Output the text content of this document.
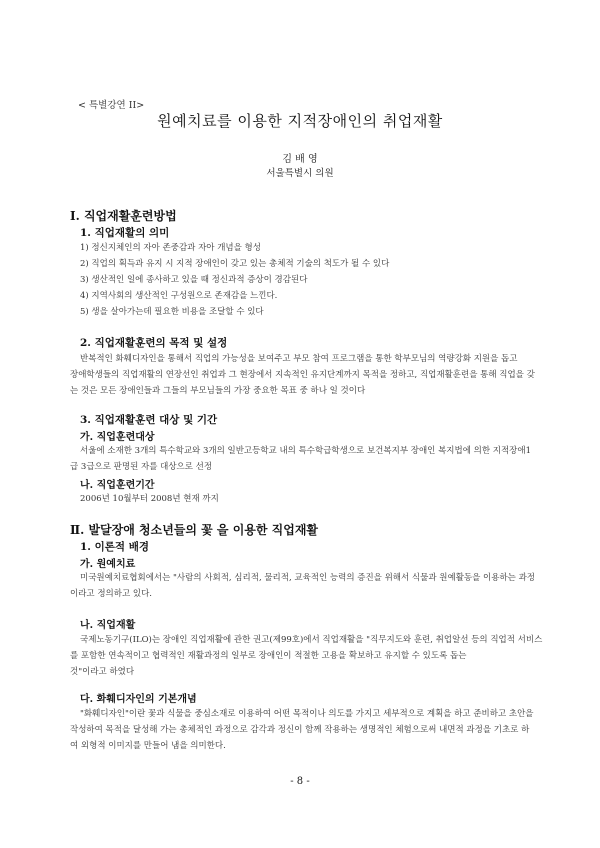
< 특별강연 II>
원예치료를 이용한 지적장애인의 취업재활
김 배 영
서울특별시 의원
Ⅰ. 직업재활훈련방법
1. 직업재활의 의미
1) 정신지체인의 자아 존중감과 자아 개념을 형성
2) 직업의 획득과 유지 시 지적 장애인이 갖고 있는 총체적 기술의 척도가 될 수 있다
3) 생산적인 일에 종사하고 있을 때 정신과적 증상이 경감된다
4) 지역사회의 생산적인 구성원으로 존재감을 느낀다.
5) 생을 살아가는데 필요한 비용을 조달할 수 있다
2. 직업재활훈련의 목적 및 설정
반복적인 화훼디자인을 통해서 직업의 가능성을 보여주고 부모 참여 프로그램을 통한 학부모님의 역량강화 지원을 돕고
장애학생들의 직업재활의 연장선인 취업과 그 현장에서 지속적인 유지단계까지 목적을 정하고, 직업재활훈련을 통해 직업을 갖
는 것은 모든 장애인들과 그들의 부모님들의 가장 중요한 목표 중 하나 일 것이다
3. 직업재활훈련 대상 및 기간
가. 직업훈련대상
서울에 소재한 3개의 특수학교와 3개의 일반고등학교 내의 특수학급학생으로 보건복지부 장애인 복지법에 의한 지적장애1
급 3급으로 판명된 자를 대상으로 선정
나. 직업훈련기간
2006년 10월부터 2008년 현재 까지
Ⅱ. 발달장애 청소년들의 꽃 을 이용한 직업재활
1. 이론적 배경
가. 원예치료
미국원예치료협회에서는 "사람의 사회적, 심리적, 물리적, 교육적인 능력의 증진을 위해서 식물과 원예활동을 이용하는 과정
이라고 정의하고 있다.
나. 직업재활
국제노동기구(ILO)는 장애인 직업재활에 관한 권고(제99호)에서 직업재활을 "직무지도와 훈련, 취업알선 등의 직업적 서비스
를 포함한 연속적이고 협력적인 재활과정의 일부로 장애인이 적절한 고용을 확보하고 유지할 수 있도록 돕는
것"이라고 하였다
다. 화훼디자인의 기본개념
"화훼디자인"이란 꽃과 식물을 중심소재로 이용하여 어떤 목적이나 의도를 가지고 세부적으로 계획을 하고 준비하고 초안을
작성하여 목적을 달성해 가는 총체적인 과정으로 감각과 정신이 함께 작용하는 생명적인 체험으로써 내면적 과정을 기초로 하
여 외형적 이미지를 만들어 냄을 의미한다.
- 8 -
